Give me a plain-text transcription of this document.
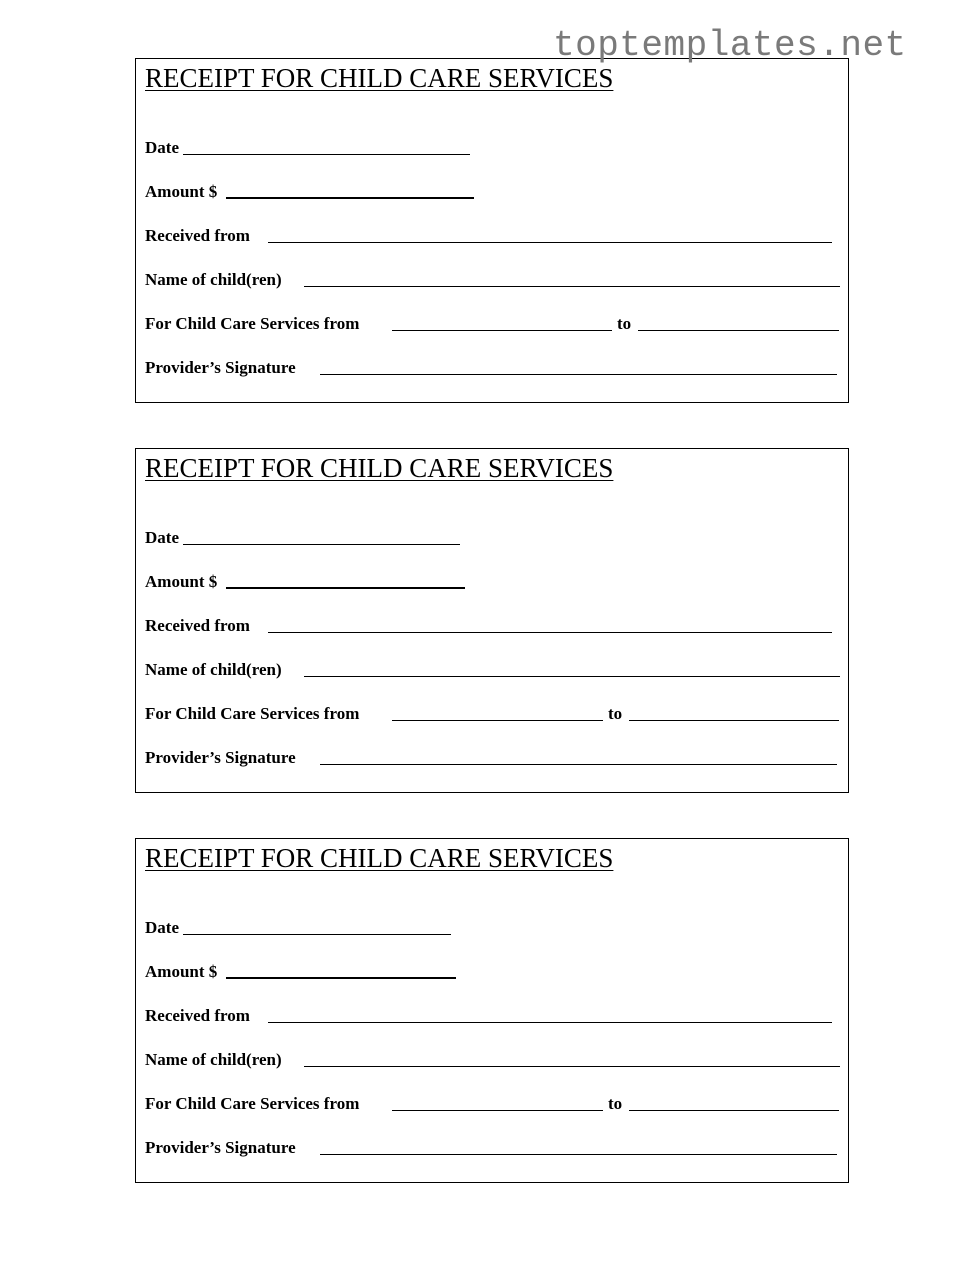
toptemplates.net
RECEIPT FOR CHILD CARE SERVICES
Date
Amount $
Received from
Name of child(ren)
For Child Care Services from	to
Provider’s Signature
RECEIPT FOR CHILD CARE SERVICES
Date
Amount $
Received from
Name of child(ren)
For Child Care Services from	to
Provider’s Signature
RECEIPT FOR CHILD CARE SERVICES
Date
Amount $
Received from
Name of child(ren)
For Child Care Services from	to
Provider’s Signature
